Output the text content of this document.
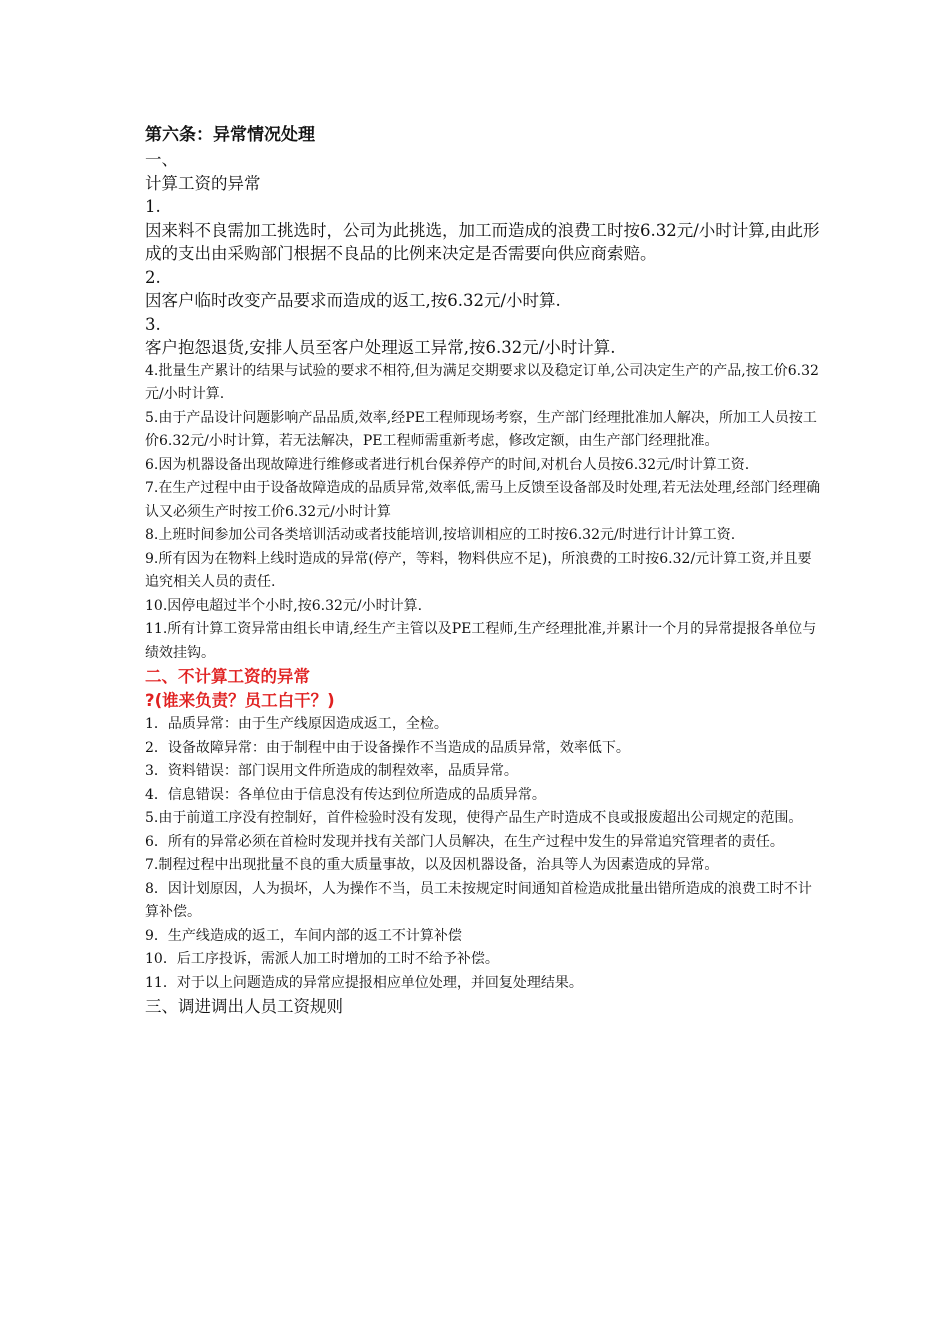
第六条：异常情况处理

一、

计算工资的异常

1.

因来料不良需加工挑选时，公司为此挑选，加工而造成的浪费工时按6.32元/小时计算,由此形成的支出由采购部门根据不良品的比例来决定是否需要向供应商索赔。

2.

因客户临时改变产品要求而造成的返工,按6.32元/小时算.

3.

客户抱怨退货,安排人员至客户处理返工异常,按6.32元/小时计算.

4.批量生产累计的结果与试验的要求不相符,但为满足交期要求以及稳定订单,公司决定生产的产品,按工价6.32元/小时计算.

5.由于产品设计问题影响产品品质,效率,经PE工程师现场考察，生产部门经理批准加人解决，所加工人员按工价6.32元/小时计算，若无法解决，PE工程师需重新考虑，修改定额，由生产部门经理批准。

6.因为机器设备出现故障进行维修或者进行机台保养停产的时间,对机台人员按6.32元/时计算工资.

7.在生产过程中由于设备故障造成的品质异常,效率低,需马上反馈至设备部及时处理,若无法处理,经部门经理确认又必须生产时按工价6.32元/小时计算

8.上班时间参加公司各类培训活动或者技能培训,按培训相应的工时按6.32元/时进行计计算工资.

9.所有因为在物料上线时造成的异常(停产，等料，物料供应不足)，所浪费的工时按6.32/元计算工资,并且要追究相关人员的责任.

10.因停电超过半个小时,按6.32元/小时计算.

11.所有计算工资异常由组长申请,经生产主管以及PE工程师,生产经理批准,并累计一个月的异常提报各单位与绩效挂钩。

二、不计算工资的异常

?(谁来负责？员工白干？)

1．品质异常：由于生产线原因造成返工，全检。

2．设备故障异常：由于制程中由于设备操作不当造成的品质异常，效率低下。

3．资料错误：部门误用文件所造成的制程效率，品质异常。

4．信息错误：各单位由于信息没有传达到位所造成的品质异常。

5.由于前道工序没有控制好，首件检验时没有发现，使得产品生产时造成不良或报废超出公司规定的范围。

6．所有的异常必须在首检时发现并找有关部门人员解决，在生产过程中发生的异常追究管理者的责任。

7.制程过程中出现批量不良的重大质量事故，以及因机器设备，治具等人为因素造成的异常。

8．因计划原因，人为损坏，人为操作不当，员工未按规定时间通知首检造成批量出错所造成的浪费工时不计算补偿。

9．生产线造成的返工，车间内部的返工不计算补偿

10．后工序投诉，需派人加工时增加的工时不给予补偿。

11．对于以上问题造成的异常应提报相应单位处理，并回复处理结果。

三、调进调出人员工资规则
